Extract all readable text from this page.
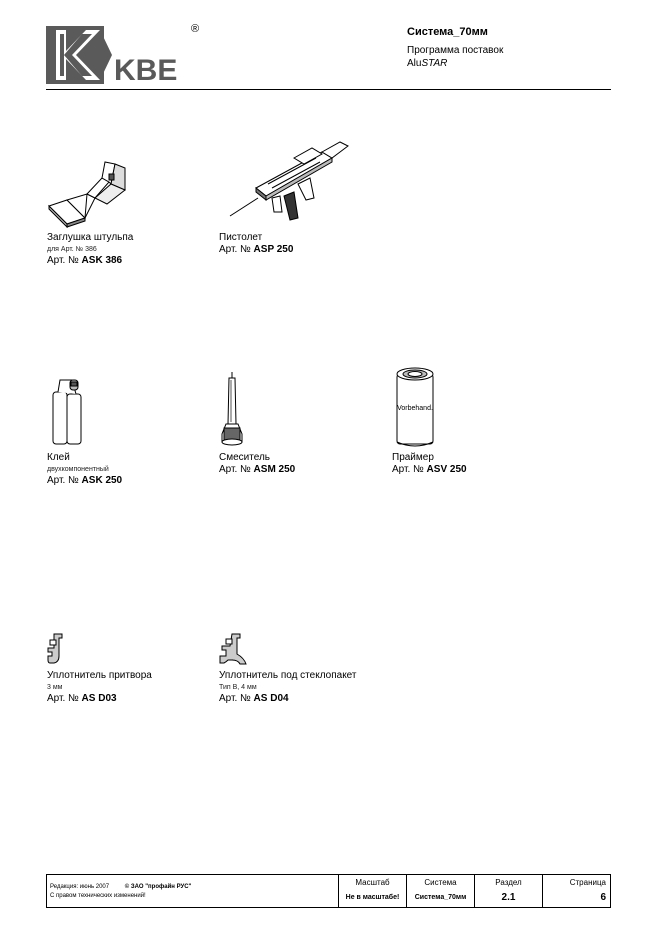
KBE
®	Система_70мм
Программа поставок
AluSTAR
Заглушка штульпа
для Арт. № 386
Арт. № ASK 386
Пистолет
Арт. № ASP 250
Клей
двухкомпонентный
Арт. № ASK 250
Смеситель
Арт. № ASM 250
Vorbehand.
Праймер
Арт. № ASV 250
Уплотнитель притвора
3 мм
Арт. № AS D03
Уплотнитель под стеклопакет
Тип В, 4 мм
Арт. № AS D04
Редакция: июнь 2007	© ЗАО "профайн РУС"
С правом технических изменений!
Масштаб
Не в масштабе!
Система
Система_70мм
Раздел
2.1
Страница
6
